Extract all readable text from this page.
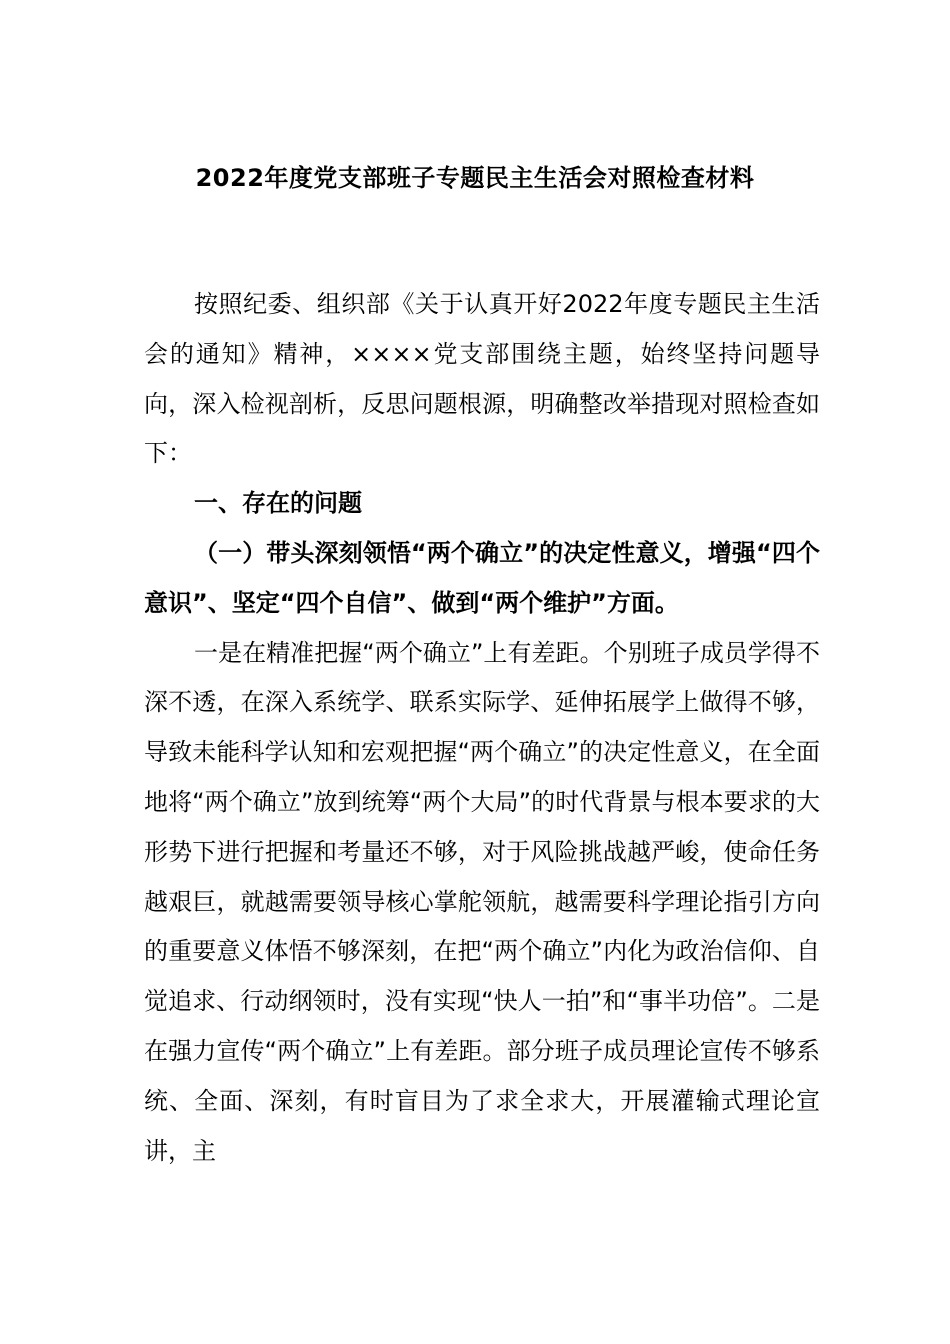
2022年度党支部班子专题民主生活会对照检查材料

按照纪委、组织部《关于认真开好2022年度专题民主生活会的通知》精神，××××党支部围绕主题，始终坚持问题导向，深入检视剖析，反思问题根源，明确整改举措现对照检查如下：

一、存在的问题

（一）带头深刻领悟“两个确立”的决定性意义，增强“四个意识”、坚定“四个自信”、做到“两个维护”方面。

一是在精准把握“两个确立”上有差距。个别班子成员学得不深不透，在深入系统学、联系实际学、延伸拓展学上做得不够，导致未能科学认知和宏观把握“两个确立”的决定性意义，在全面地将“两个确立”放到统筹“两个大局”的时代背景与根本要求的大形势下进行把握和考量还不够，对于风险挑战越严峻，使命任务越艰巨，就越需要领导核心掌舵领航，越需要科学理论指引方向的重要意义体悟不够深刻，在把“两个确立”内化为政治信仰、自觉追求、行动纲领时，没有实现“快人一拍”和“事半功倍”。二是在强力宣传“两个确立”上有差距。部分班子成员理论宣传不够系统、全面、深刻，有时盲目为了求全求大，开展灌输式理论宣讲，主
